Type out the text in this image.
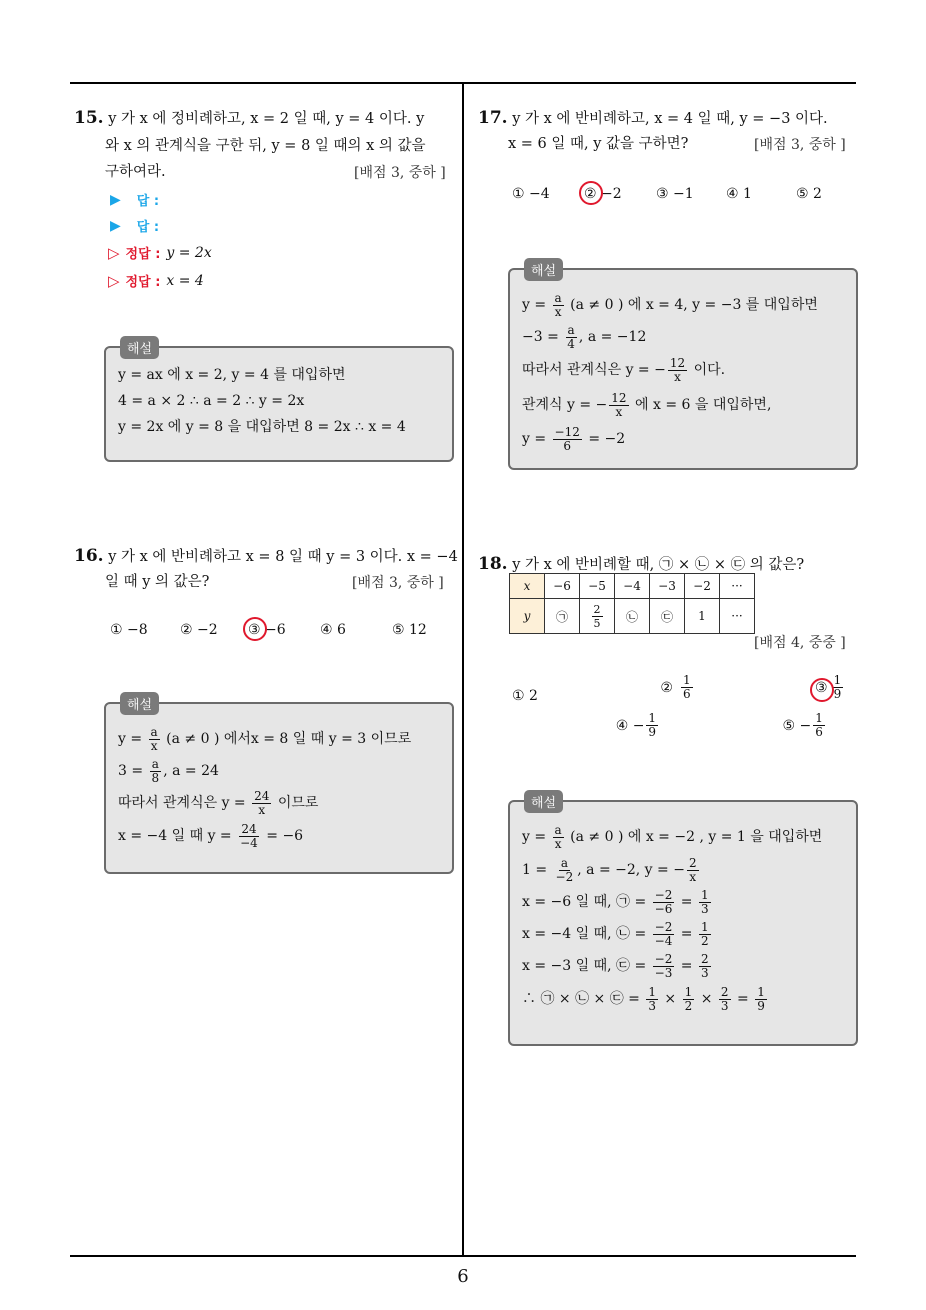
6
15. y 가 x 에 정비례하고, x = 2 일 때, y = 4 이다. y
와 x 의 관계식을 구한 뒤, y = 8 일 때의 x 의 값을
구하여라.	[배점 3, 중하 ]
▶ 답 :
▶ 답 :
▷ 정답 : y = 2x
▷ 정답 : x = 4
해설
y = ax 에 x = 2, y = 4 를 대입하면
4 = a × 2 ∴ a = 2 ∴ y = 2x
y = 2x 에 y = 8 을 대입하면 8 = 2x ∴ x = 4
16. y 가 x 에 반비례하고 x = 8 일 때 y = 3 이다. x = −4
일 때 y 의 값은?	[배점 3, 중하 ]
① −8	② −2	③ −6 ④ 6	⑤ 12
해설
$y = \frac{a}{x} (a \ne 0$ ) 에서x = 8 일 때 y = 3 이므로
$3 = \frac{a}{8}$ , a = 24
따라서 관계식은 $y = \frac{24}{x}$ 이므로
x = −4 일 때 $y = \frac{24}{-4} = -6$
17. y 가 x 에 반비례하고, x = 4 일 때, y = −3 이다.
x = 6 일 때, y 값을 구하면?	[배점 3, 중하 ]
① −4	② −2 ③ −1	④ 1	⑤ 2
해설
$y = \frac{a}{x} (a \ne 0$ ) 에 x = 4, y = −3 를 대입하면
$-3 = \frac{a}{4}$ , a = −12
따라서 관계식은 y = − $\frac{12}{x}$ 이다.
관계식 y = − $\frac{12}{x}$ 에 x = 6 을 대입하면,
$y = \frac{-12}{6} = -2$
18. y 가 x 에 반비례할 때, ㉠ × ㉡ × ㉢ 의 값은?
x	−6	−5	−4	−3	−2	···
y	㉠	$\frac{2}{5}$	㉡	㉢	1	···
[배점 4, 중중 ]
① 2	② $\frac{1}{6}$
	③ $\frac{1}{9}$

④ − $\frac{1}{9}$
	⑤ − $\frac{1}{6}$
해설
$y = \frac{a}{x} (a \ne 0$ ) 에 x = −2 , y = 1 을 대입하면
$1 = \frac{a}{-2}$ , a = −2, y = − $\frac{2}{x}$
x = −6 일 때, ㉠ = $\frac{-2}{-6} = \frac{1}{3}$
x = −4 일 때, ㉡ = $\frac{-2}{-4} = \frac{1}{2}$
x = −3 일 때, ㉢ = $\frac{-2}{-3} = \frac{2}{3}$
∴ ㉠ × ㉡ × ㉢ = $\frac{1}{3} \times \frac{1}{2} \times \frac{2}{3} = \frac{1}{9}$
